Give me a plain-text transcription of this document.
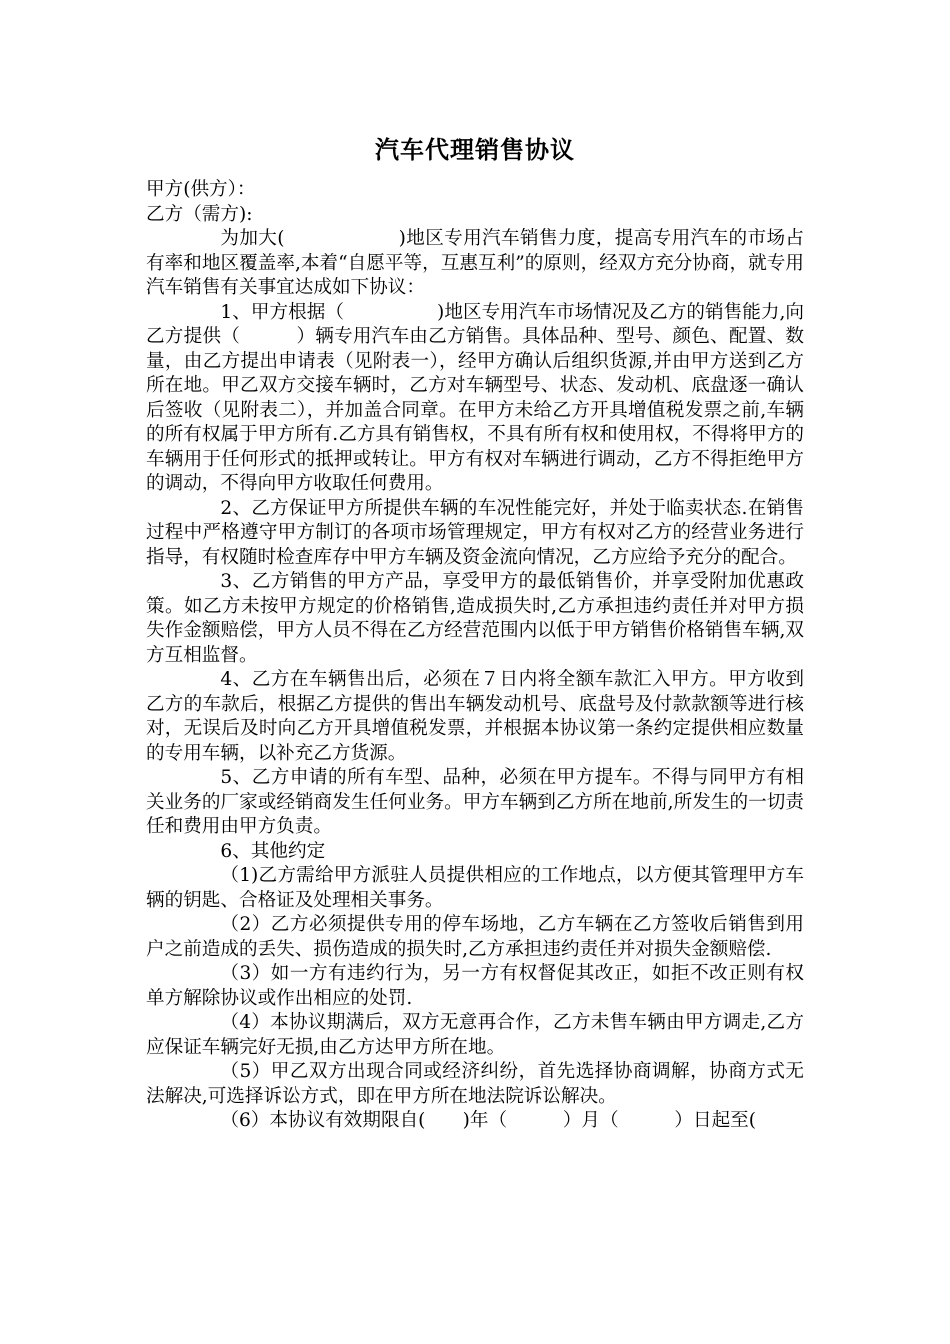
汽车代理销售协议

甲方(供方）：

乙方（需方):

为加大(　　　　　　)地区专用汽车销售力度，提高专用汽车的市场占有率和地区覆盖率,本着“自愿平等，互惠互利”的原则，经双方充分协商，就专用汽车销售有关事宜达成如下协议：

1、甲方根据（　　　　　)地区专用汽车市场情况及乙方的销售能力,向乙方提供（　　　）辆专用汽车由乙方销售。具体品种、型号、颜色、配置、数量，由乙方提出申请表（见附表一），经甲方确认后组织货源,并由甲方送到乙方所在地。甲乙双方交接车辆时，乙方对车辆型号、状态、发动机、底盘逐一确认后签收（见附表二），并加盖合同章。在甲方未给乙方开具增值税发票之前,车辆的所有权属于甲方所有.乙方具有销售权，不具有所有权和使用权，不得将甲方的车辆用于任何形式的抵押或转让。甲方有权对车辆进行调动，乙方不得拒绝甲方的调动，不得向甲方收取任何费用。

2、乙方保证甲方所提供车辆的车况性能完好，并处于临卖状态.在销售过程中严格遵守甲方制订的各项市场管理规定，甲方有权对乙方的经营业务进行指导，有权随时检查库存中甲方车辆及资金流向情况，乙方应给予充分的配合。

3、乙方销售的甲方产品，享受甲方的最低销售价，并享受附加优惠政策。如乙方未按甲方规定的价格销售,造成损失时,乙方承担违约责任并对甲方损失作金额赔偿，甲方人员不得在乙方经营范围内以低于甲方销售价格销售车辆,双方互相监督。

4、乙方在车辆售出后，必须在７日内将全额车款汇入甲方。甲方收到乙方的车款后，根据乙方提供的售出车辆发动机号、底盘号及付款款额等进行核对，无误后及时向乙方开具增值税发票，并根据本协议第一条约定提供相应数量的专用车辆，以补充乙方货源。

5、乙方申请的所有车型、品种，必须在甲方提车。不得与同甲方有相关业务的厂家或经销商发生任何业务。甲方车辆到乙方所在地前,所发生的一切责任和费用由甲方负责。

6、其他约定

（1)乙方需给甲方派驻人员提供相应的工作地点，以方便其管理甲方车辆的钥匙、合格证及处理相关事务。

（2）乙方必须提供专用的停车场地，乙方车辆在乙方签收后销售到用户之前造成的丢失、损伤造成的损失时,乙方承担违约责任并对损失金额赔偿.

（3）如一方有违约行为，另一方有权督促其改正，如拒不改正则有权单方解除协议或作出相应的处罚.

（4）本协议期满后，双方无意再合作，乙方未售车辆由甲方调走,乙方应保证车辆完好无损,由乙方达甲方所在地。

（5）甲乙双方出现合同或经济纠纷，首先选择协商调解，协商方式无法解决,可选择诉讼方式，即在甲方所在地法院诉讼解决。

（6）本协议有效期限自(　　)年（　　　）月（　　　）日起至(
